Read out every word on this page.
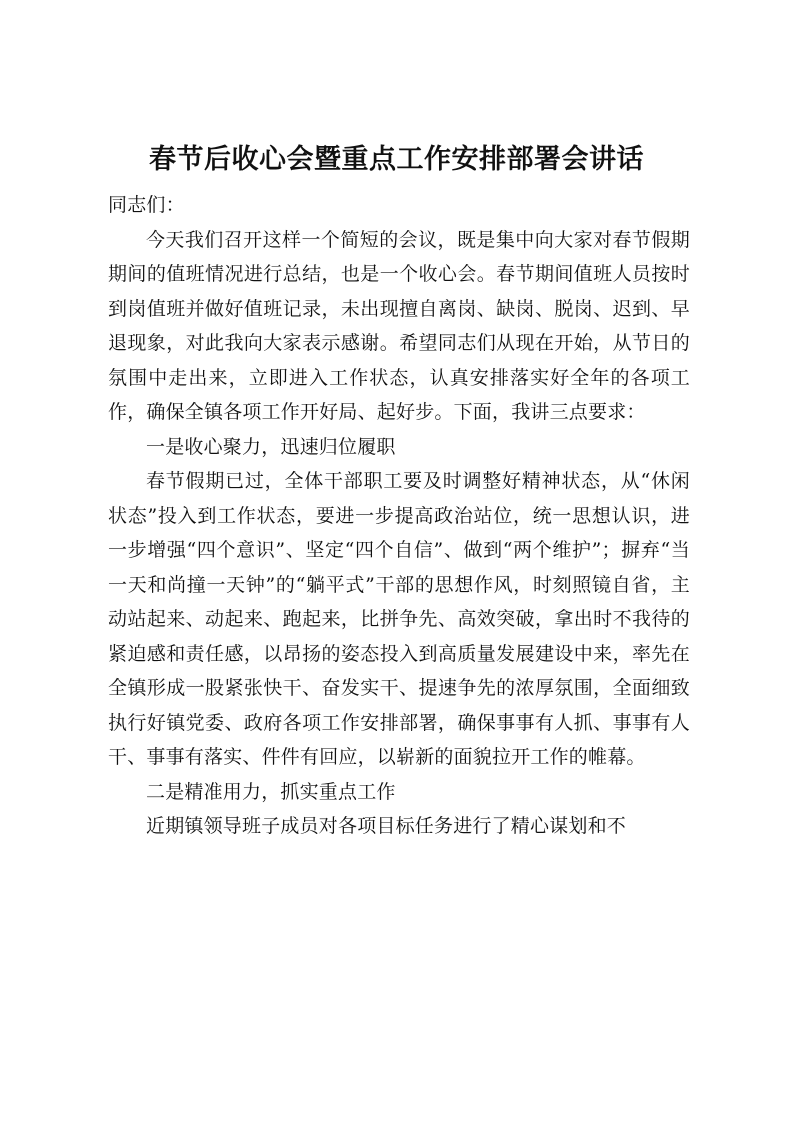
春节后收心会暨重点工作安排部署会讲话

同志们：

今天我们召开这样一个简短的会议，既是集中向大家对春节假期期间的值班情况进行总结，也是一个收心会。春节期间值班人员按时到岗值班并做好值班记录，未出现擅自离岗、缺岗、脱岗、迟到、早退现象，对此我向大家表示感谢。希望同志们从现在开始，从节日的氛围中走出来，立即进入工作状态，认真安排落实好全年的各项工作，确保全镇各项工作开好局、起好步。下面，我讲三点要求：

一是收心聚力，迅速归位履职

春节假期已过，全体干部职工要及时调整好精神状态，从“休闲状态”投入到工作状态，要进一步提高政治站位，统一思想认识，进一步增强“四个意识”、坚定“四个自信”、做到“两个维护”；摒弃“当一天和尚撞一天钟”的“躺平式”干部的思想作风，时刻照镜自省，主动站起来、动起来、跑起来，比拼争先、高效突破，拿出时不我待的紧迫感和责任感，以昂扬的姿态投入到高质量发展建设中来，率先在全镇形成一股紧张快干、奋发实干、提速争先的浓厚氛围，全面细致执行好镇党委、政府各项工作安排部署，确保事事有人抓、事事有人干、事事有落实、件件有回应，以崭新的面貌拉开工作的帷幕。

二是精准用力，抓实重点工作

近期镇领导班子成员对各项目标任务进行了精心谋划和不
